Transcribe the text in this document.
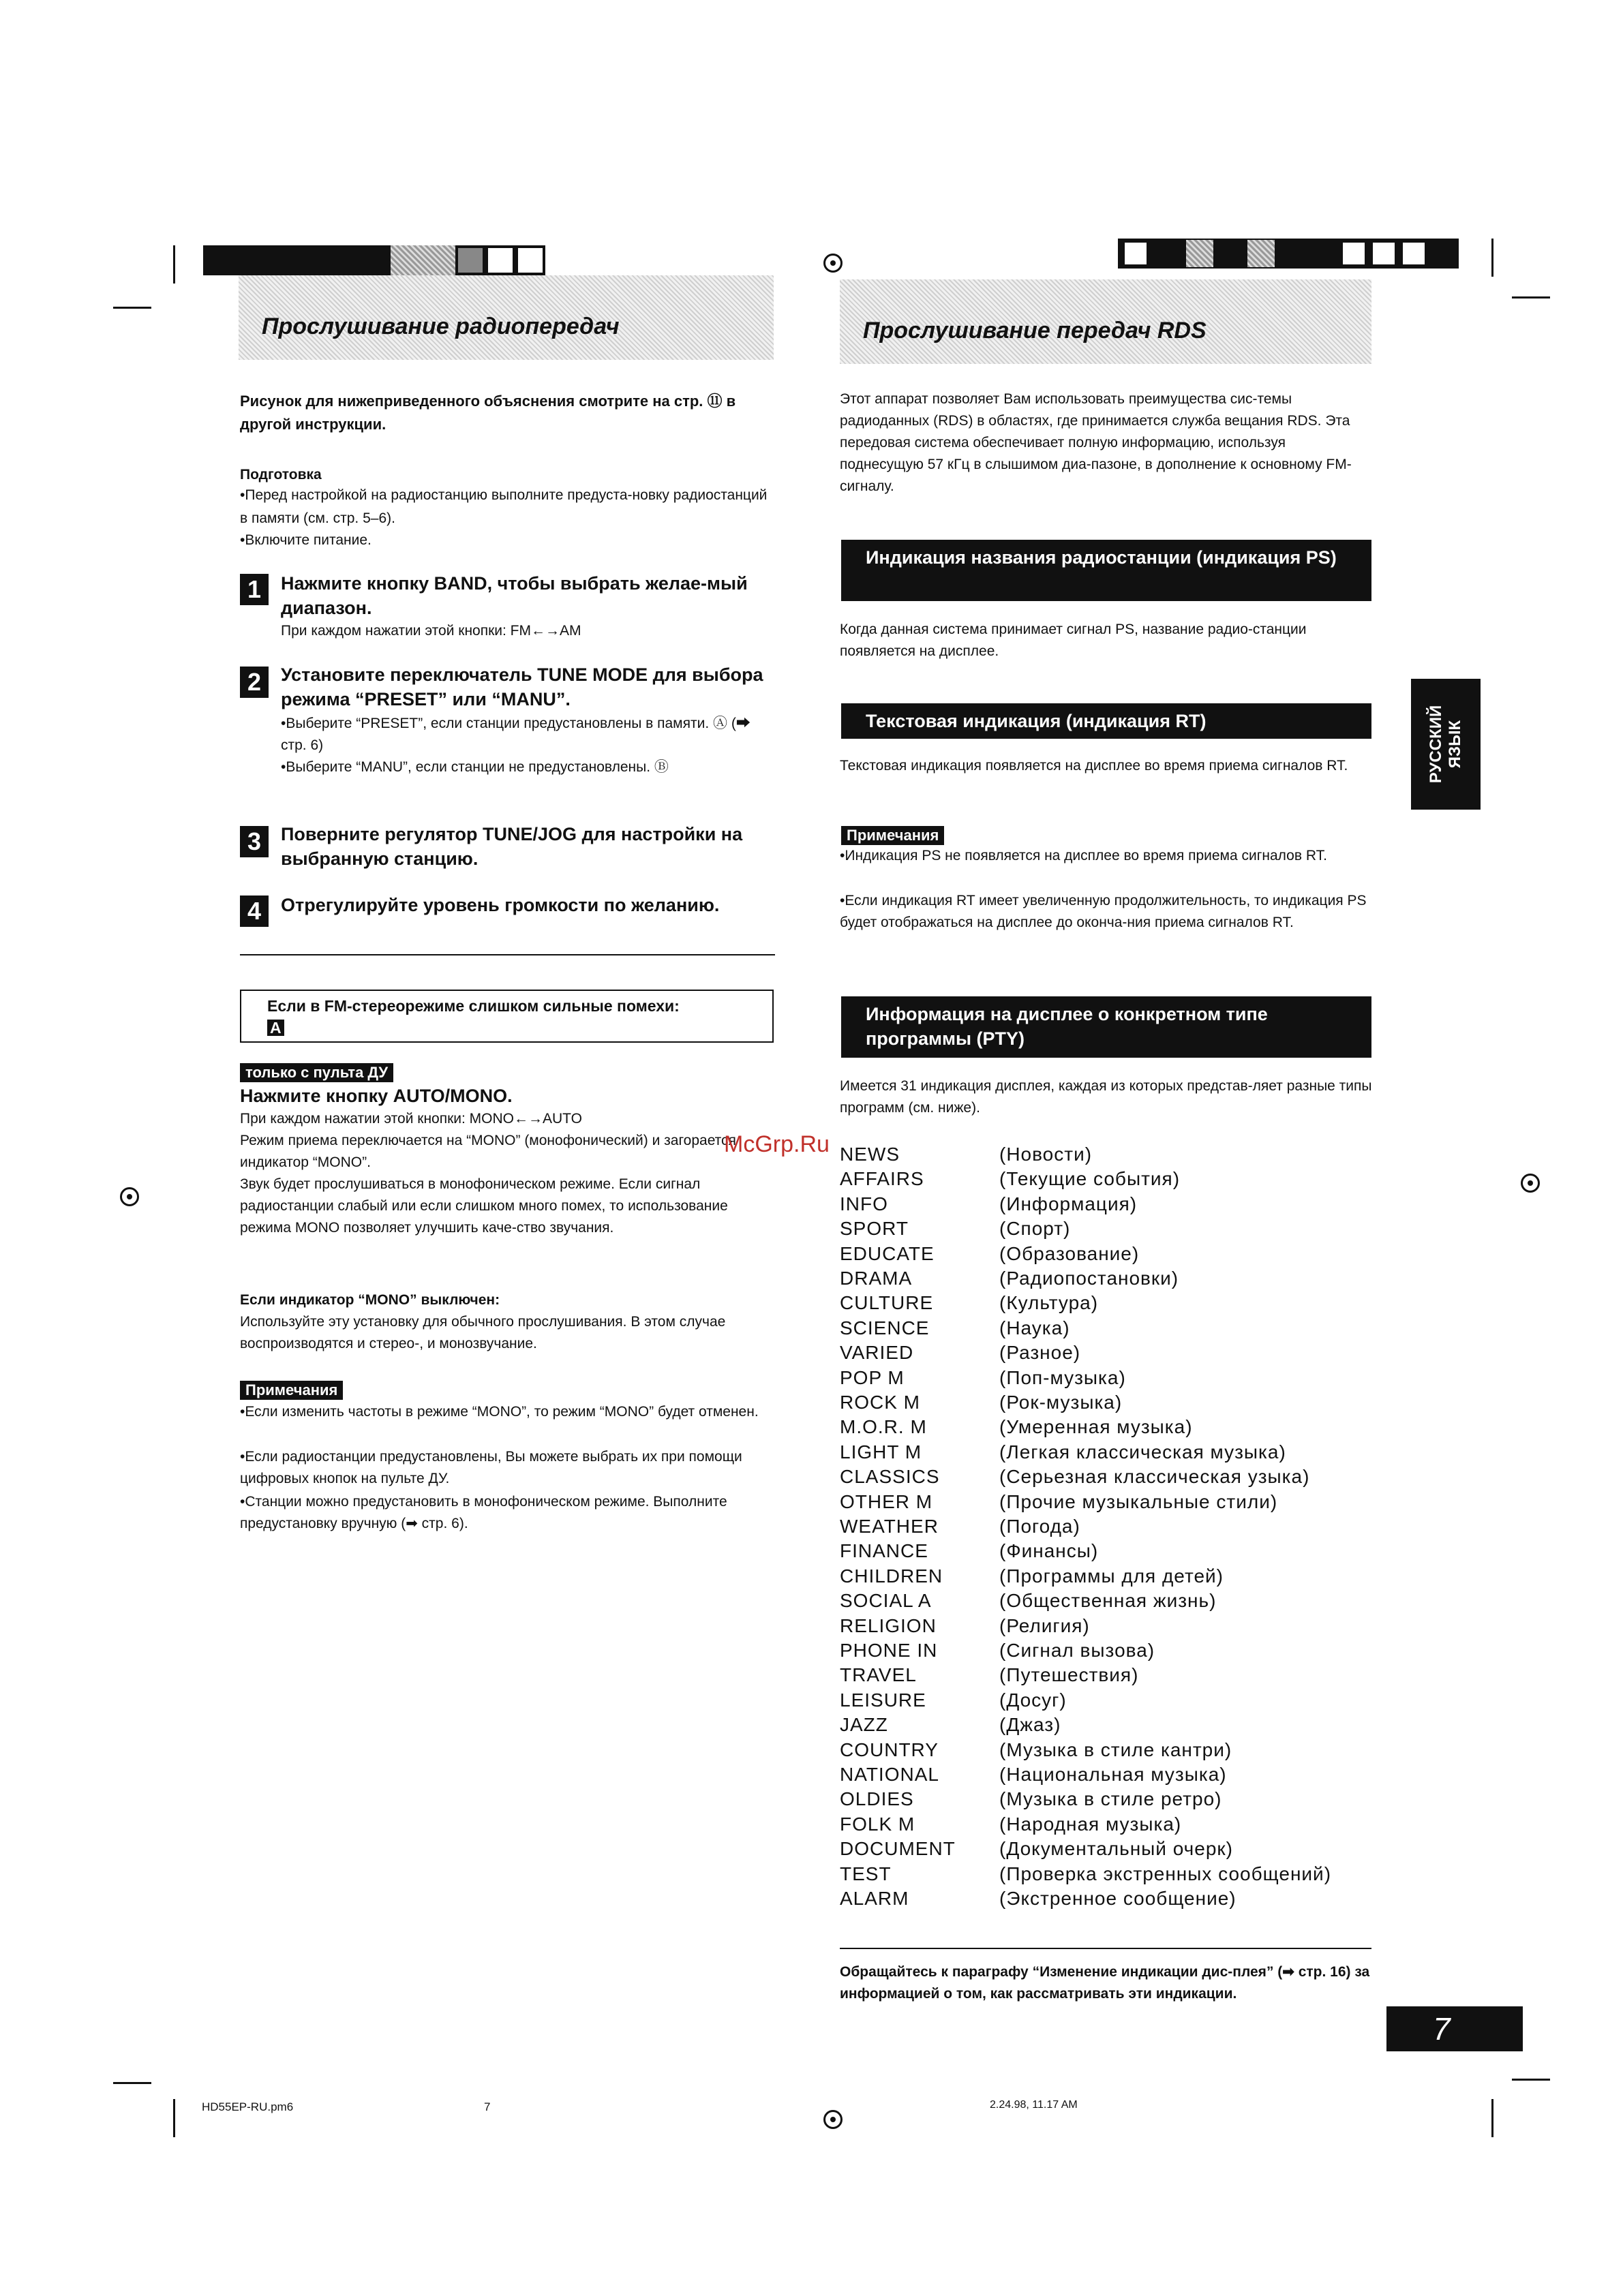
Прослушивание радиопередач
Рисунок для нижеприведенного объяснения смотрите на стр. ⑪ в другой инструкции.
Подготовка
•Перед настройкой на радиостанцию выполните предуста-новку радиостанций в памяти (см. стр. 5–6).
•Включите питание.
1	Нажмите кнопку BAND, чтобы выбрать желае-мый диапазон.
При каждом нажатии этой кнопки: FM←→AM
2	Установите переключатель TUNE MODE для выбора режима “PRESET” или “MANU”.
•Выберите “PRESET”, если станции предустановлены в памяти. Ⓐ (➡ стр. 6)
•Выберите “MANU”, если станции не предустановлены. Ⓑ
3	Поверните регулятор TUNE/JOG для настройки на выбранную станцию.
4	Отрегулируйте уровень громкости по желанию.
Если в FM-стереорежиме слишком сильные помехи: A
только с пульта ДУ
Нажмите кнопку AUTO/MONO.
При каждом нажатии этой кнопки: MONO←→AUTO
Режим приема переключается на “MONO” (монофонический) и загорается индикатор “MONO”.
Звук будет прослушиваться в монофоническом режиме. Если сигнал радиостанции слабый или если слишком много помех, то использование режима MONO позволяет улучшить каче-ство звучания.
Если индикатор “MONO” выключен:
Используйте эту установку для обычного прослушивания. В этом случае воспроизводятся и стерео-, и монозвучание.
Примечания
•Если изменить частоты в режиме “MONO”, то режим “MONO” будет отменен.
•Если радиостанции предустановлены, Вы можете выбрать их при помощи цифровых кнопок на пульте ДУ.
•Станции можно предустановить в монофоническом режиме. Выполните предустановку вручную (➡ стр. 6).
Прослушивание передач RDS
Этот аппарат позволяет Вам использовать преимущества сис-темы радиоданных (RDS) в областях, где принимается служба вещания RDS. Эта передовая система обеспечивает полную информацию, используя поднесущую 57 кГц в слышимом диа-пазоне, в дополнение к основному FM-сигналу.
Индикация названия радиостанции (индикация PS)
Когда данная система принимает сигнал PS, название радио-станции появляется на дисплее.
Текстовая индикация (индикация RT)
Текстовая индикация появляется на дисплее во время приема сигналов RT.
Примечания
•Индикация PS не появляется на дисплее во время приема сигналов RT.
•Если индикация RT имеет увеличенную продолжительность, то индикация PS будет отображаться на дисплее до оконча-ния приема сигналов RT.
Информация на дисплее о конкретном типе программы (PTY)
Имеется 31 индикация дисплея, каждая из которых представ-ляет разные типы программ (см. ниже).
NEWS	(Новости)
AFFAIRS	(Текущие события)
INFO	(Информация)
SPORT	(Спорт)
EDUCATE	(Образование)
DRAMA	(Радиопостановки)
CULTURE	(Культура)
SCIENCE	(Наука)
VARIED	(Разное)
POP M	(Поп-музыка)
ROCK M	(Рок-музыка)
M.O.R. M	(Умеренная музыка)
LIGHT M	(Легкая классическая музыка)
CLASSICS	(Серьезная классическая узыка)
OTHER M	(Прочие музыкальные стили)
WEATHER	(Погода)
FINANCE	(Финансы)
CHILDREN	(Программы для детей)
SOCIAL A	(Общественная жизнь)
RELIGION	(Религия)
PHONE IN	(Сигнал вызова)
TRAVEL	(Путешествия)
LEISURE	(Досуг)
JAZZ	(Джаз)
COUNTRY	(Музыка в стиле кантри)
NATIONAL	(Национальная музыка)
OLDIES	(Музыка в стиле ретро)
FOLK M	(Народная музыка)
DOCUMENT (Документальный очерк)
TEST	(Проверка экстренных сообщений)
ALARM	(Экстренное сообщение)
Обращайтесь к параграфу “Изменение индикации дис-плея” (➡ стр. 16) за информацией о том, как рассматривать эти индикации.
РУССКИЙ ЯЗЫК
McGrp.Ru
7
HD55EP-RU.pm6	7	2.24.98, 11.17 AM
